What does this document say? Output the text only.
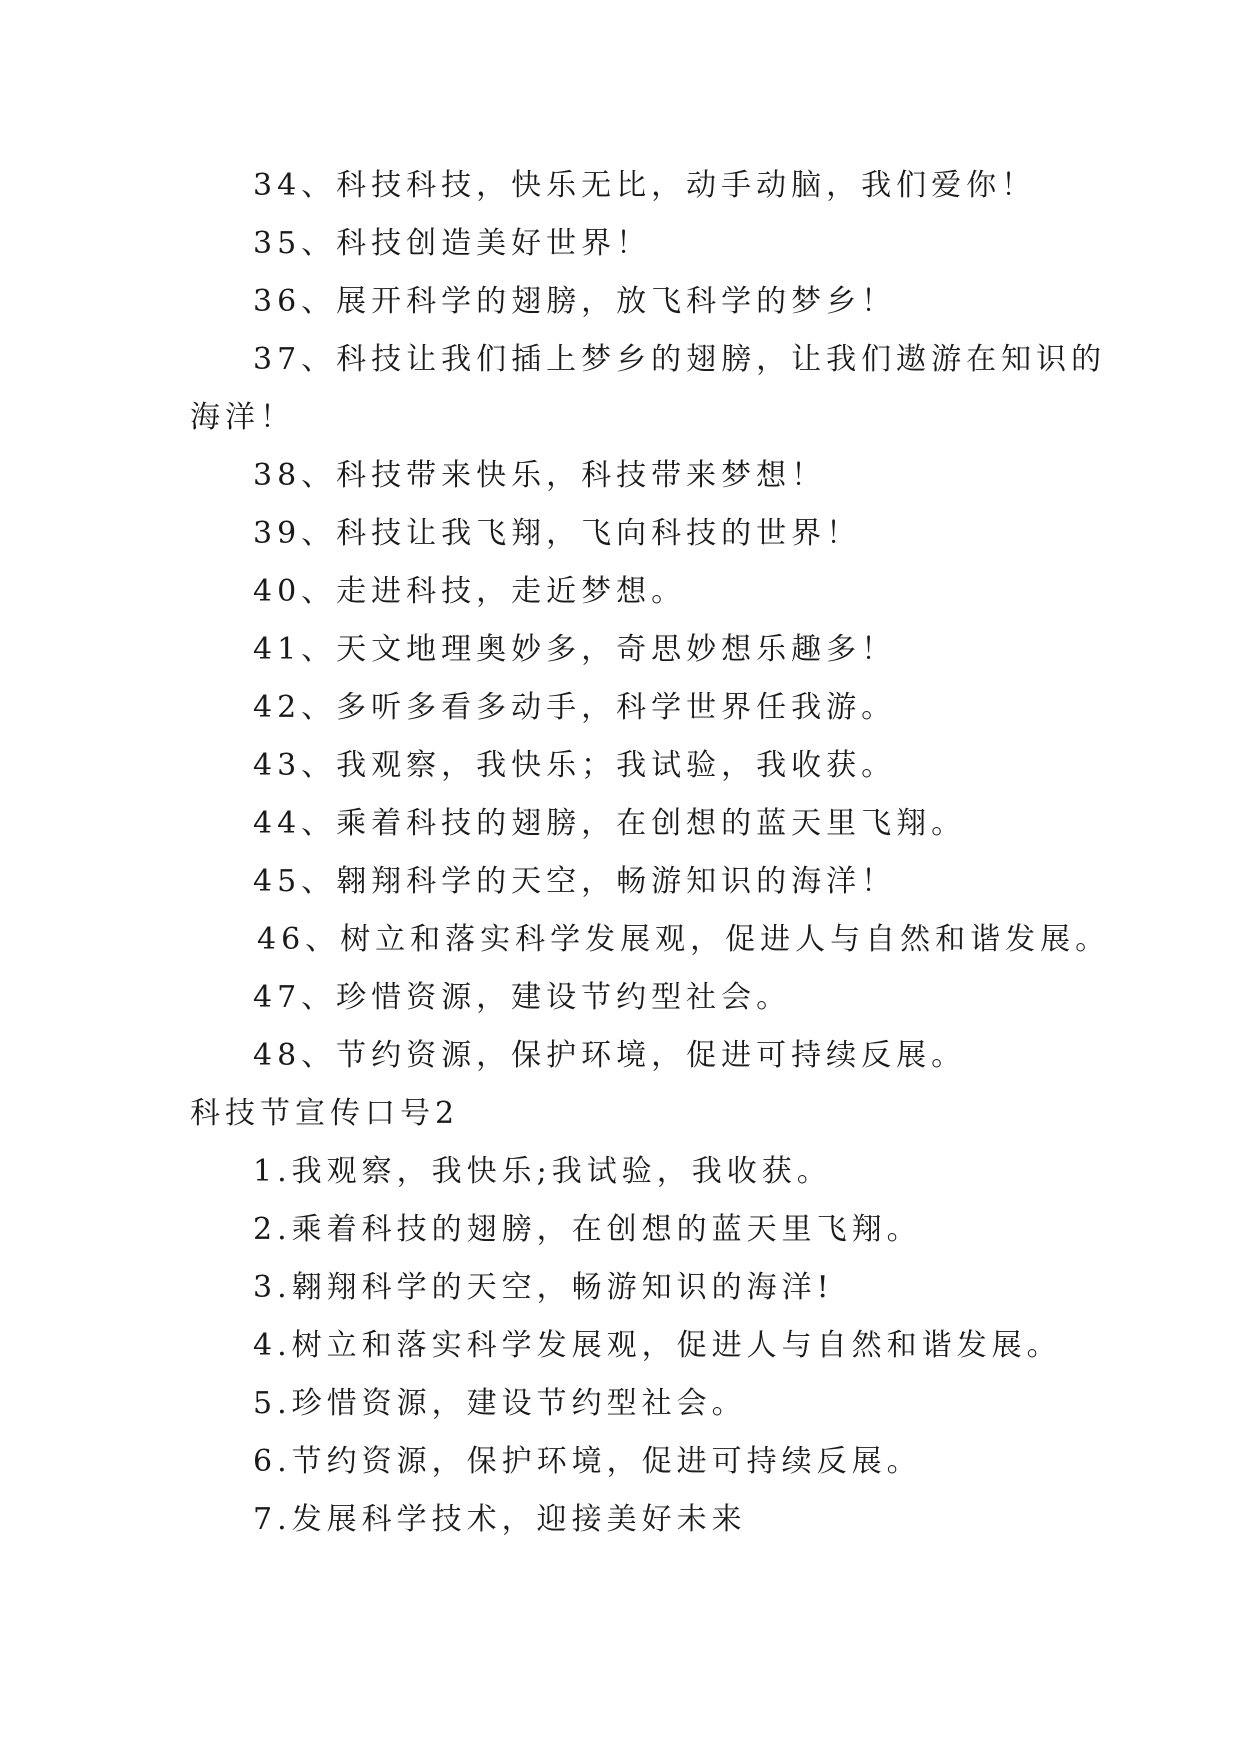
34、科技科技，快乐无比，动手动脑，我们爱你！
35、科技创造美好世界！
36、展开科学的翅膀，放飞科学的梦乡！
37、科技让我们插上梦乡的翅膀，让我们遨游在知识的
海洋！
38、科技带来快乐，科技带来梦想！
39、科技让我飞翔，飞向科技的世界！
40、走进科技，走近梦想。
41、天文地理奥妙多，奇思妙想乐趣多！
42、多听多看多动手，科学世界任我游。
43、我观察，我快乐；我试验，我收获。
44、乘着科技的翅膀，在创想的蓝天里飞翔。
45、翱翔科学的天空，畅游知识的海洋！
46、树立和落实科学发展观，促进人与自然和谐发展。
47、珍惜资源，建设节约型社会。
48、节约资源，保护环境，促进可持续反展。
科技节宣传口号2
1.我观察，我快乐;我试验，我收获。
2.乘着科技的翅膀，在创想的蓝天里飞翔。
3.翱翔科学的天空，畅游知识的海洋!
4.树立和落实科学发展观，促进人与自然和谐发展。
5.珍惜资源，建设节约型社会。
6.节约资源，保护环境，促进可持续反展。
7.发展科学技术，迎接美好未来
